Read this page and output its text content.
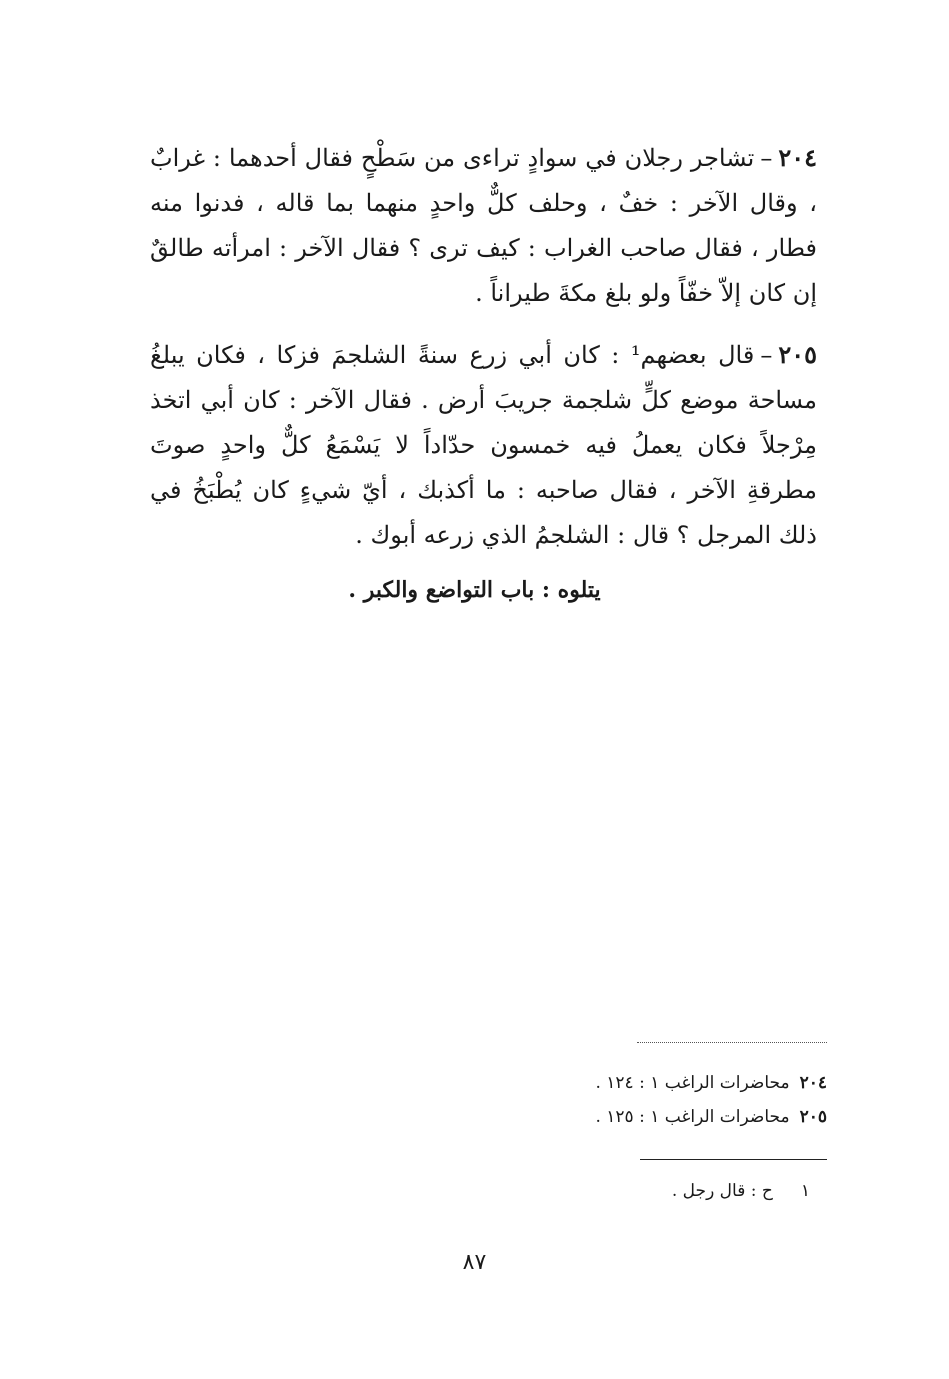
٢٠٤–تشاجر رجلان في سوادٍ تراءى من سَطْحٍ فقال أحدهما : غرابٌ ، وقال الآخر : خفٌ ، وحلف كلٌّ واحدٍ منهما بما قاله ، فدنوا منه فطار ، فقال صاحب الغراب : كيف ترى ؟ فقال الآخر : امرأته طالقٌ إن كان إلاّ خفّاً ولو بلغ مكةَ طيراناً .

٢٠٥–قال بعضهم¹ : كان أبي زرع سنةً الشلجمَ فزكا ، فكان يبلغُ مساحة موضع كلٍّ شلجمة جريبَ أرض . فقال الآخر : كان أبي اتخذ مِرْجلاً فكان يعملُ فيه خمسون حدّاداً لا يَسْمَعُ كلٌّ واحدٍ صوتَ مطرقةِ الآخر ، فقال صاحبه : ما أكذبك ، أيّ شيءٍ كان يُطْبَخُ في ذلك المرجل ؟ قال : الشلجمُ الذي زرعه أبوك .

يتلوه : باب التواضع والكبر .
٢٠٤محاضرات الراغب ١ : ١٢٤ .
٢٠٥محاضرات الراغب ١ : ١٢٥ .
١ح : قال رجل .
٨٧
